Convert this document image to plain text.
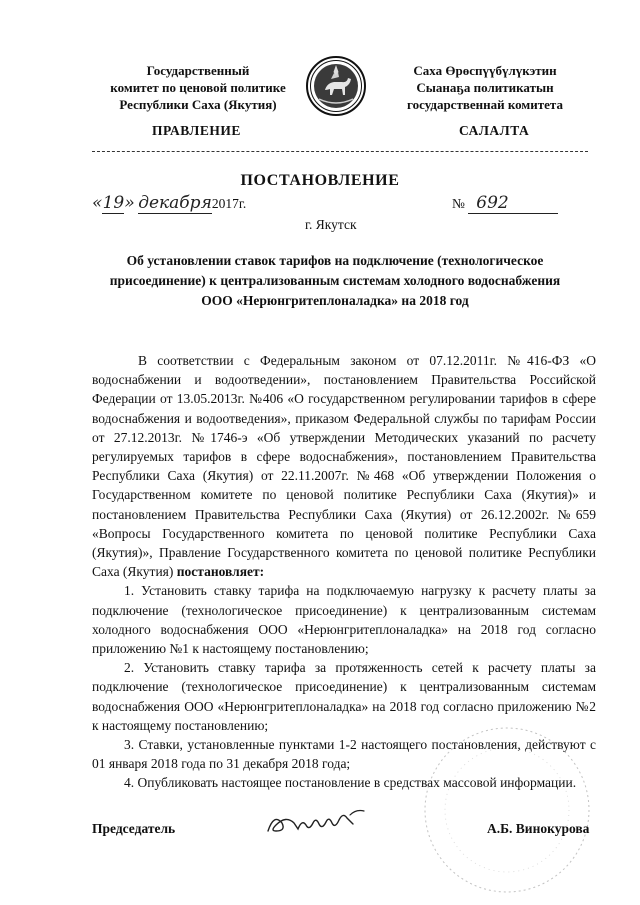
Государственный
комитет по ценовой политике
Республики Саха (Якутия)
Саха Өрөспүүбүлүкэтин
Сыанаҕа политикатын
государственнай комитета
ПРАВЛЕНИЕ	САЛАЛТА
ПОСТАНОВЛЕНИЕ
«19» декабря2017г.	№ 692
г. Якутск
Об установлении ставок тарифов на подключение (технологическое
присоединение) к централизованным системам холодного водоснабжения
ООО «Нерюнгритеплоналадка» на 2018 год

В соответствии с Федеральным законом от 07.12.2011г. №416-ФЗ «О водоснабжении и водоотведении», постановлением Правительства Российской Федерации от 13.05.2013г. №406 «О государственном регулировании тарифов в сфере водоснабжения и водоотведения», приказом Федеральной службы по тарифам России от 27.12.2013г. №1746-э «Об утверждении Методических указаний по расчету регулируемых тарифов в сфере водоснабжения», постановлением Правительства Республики Саха (Якутия) от 22.11.2007г. №468 «Об утверждении Положения о Государственном комитете по ценовой политике Республики Саха (Якутия)» и постановлением Правительства Республики Саха (Якутия) от 26.12.2002г. №659 «Вопросы Государственного комитета по ценовой политике Республики Саха (Якутия)», Правление Государственного комитета по ценовой политике Республики Саха (Якутия) постановляет:

1. Установить ставку тарифа на подключаемую нагрузку к расчету платы за подключение (технологическое присоединение) к централизованным системам холодного водоснабжения ООО «Нерюнгритеплоналадка» на 2018 год согласно приложению №1 к настоящему постановлению;

2. Установить ставку тарифа за протяженность сетей к расчету платы за подключение (технологическое присоединение) к централизованным системам водоснабжения ООО «Нерюнгритеплоналадка» на 2018 год согласно приложению №2 к настоящему постановлению;

3. Ставки, установленные пунктами 1-2 настоящего постановления, действуют с 01 января 2018 года по 31 декабря 2018 года;

4. Опубликовать настоящее постановление в средствах массовой информации.

Председатель	А.Б. Винокурова
